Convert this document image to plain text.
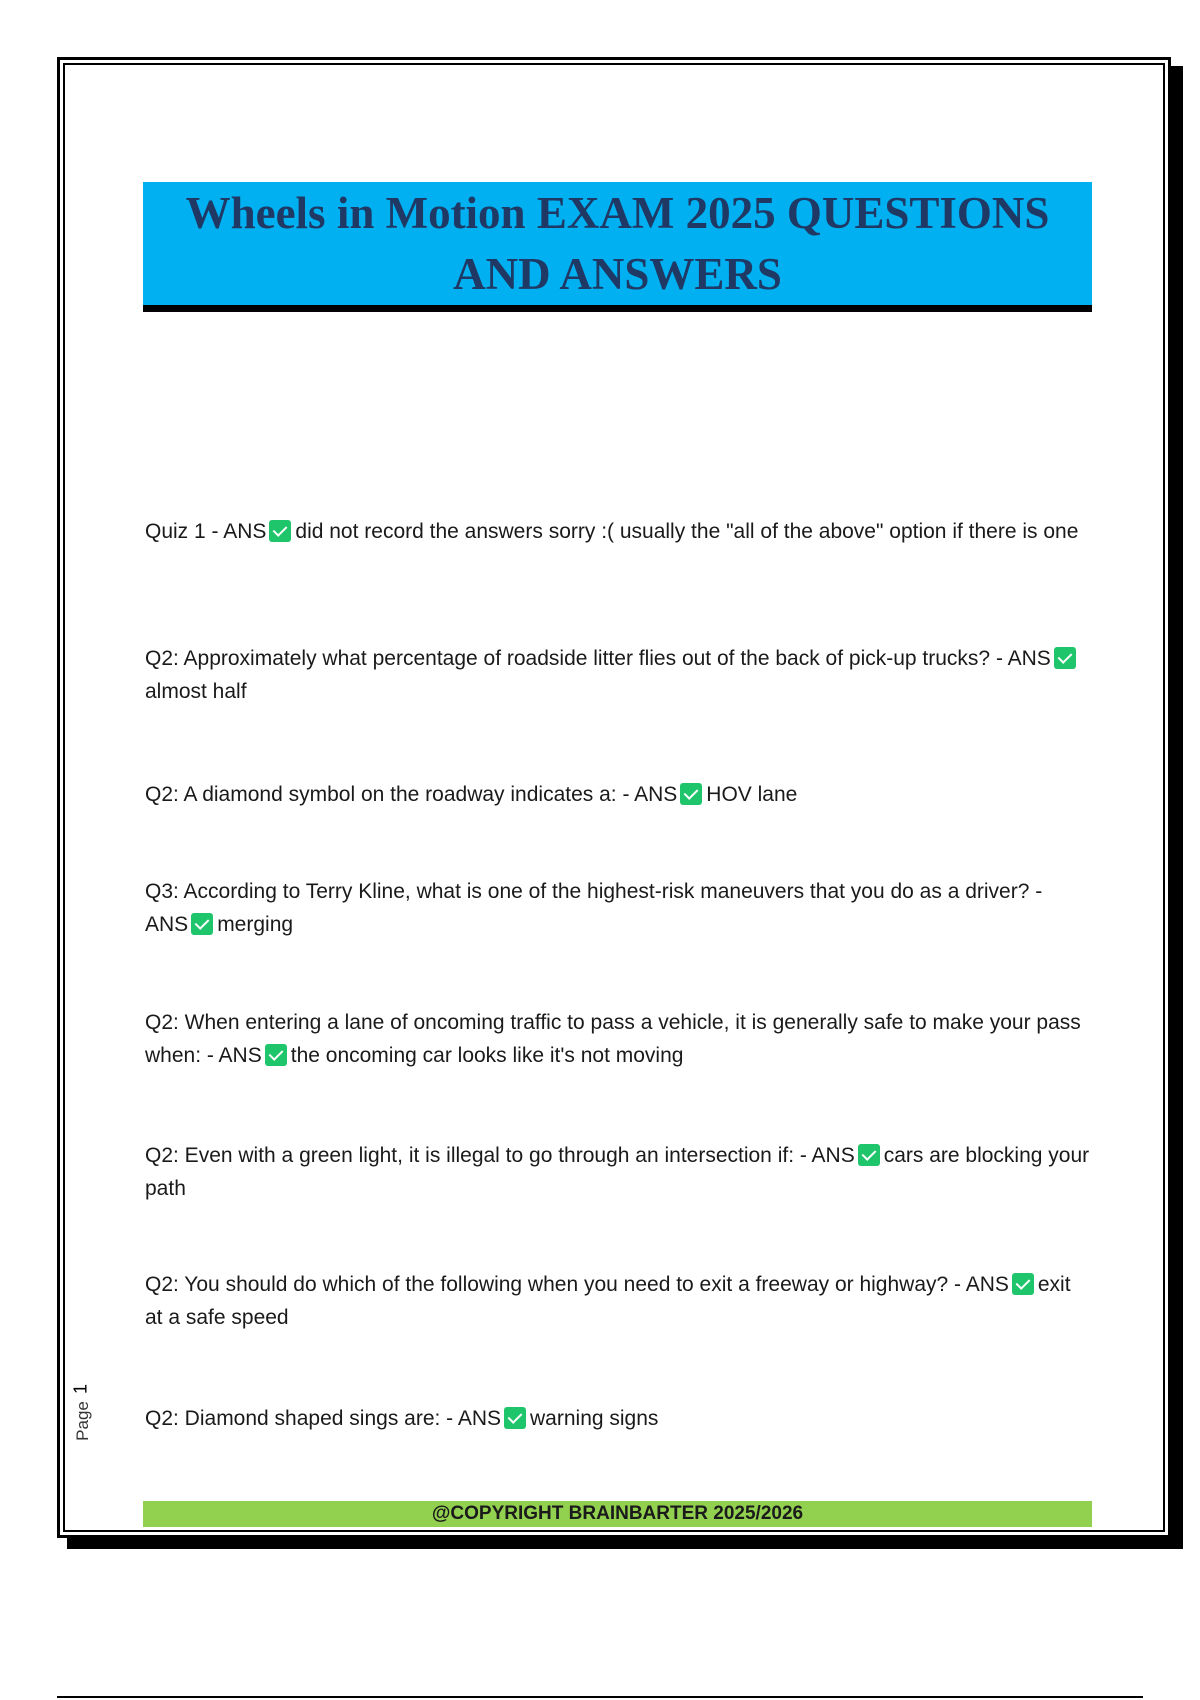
Wheels in Motion EXAM 2025 QUESTIONS
AND ANSWERS

Quiz 1 - ANS did not record the answers sorry :( usually the "all of the above" option if there is one

Q2: Approximately what percentage of roadside litter flies out of the back of pick-up trucks? - ANSalmost half

Q2: A diamond symbol on the roadway indicates a: - ANS HOV lane

Q3: According to Terry Kline, what is one of the highest-risk maneuvers that you do as a driver? - ANS merging

Q2: When entering a lane of oncoming traffic to pass a vehicle, it is generally safe to make your pass when: - ANS the oncoming car looks like it's not moving

Q2: Even with a green light, it is illegal to go through an intersection if: - ANS cars are blocking your path

Q2: You should do which of the following when you need to exit a freeway or highway? - ANS exit at a safe speed

Q2: Diamond shaped sings are: - ANS warning signs

1
Page
@COPYRIGHT BRAINBARTER 2025/2026
